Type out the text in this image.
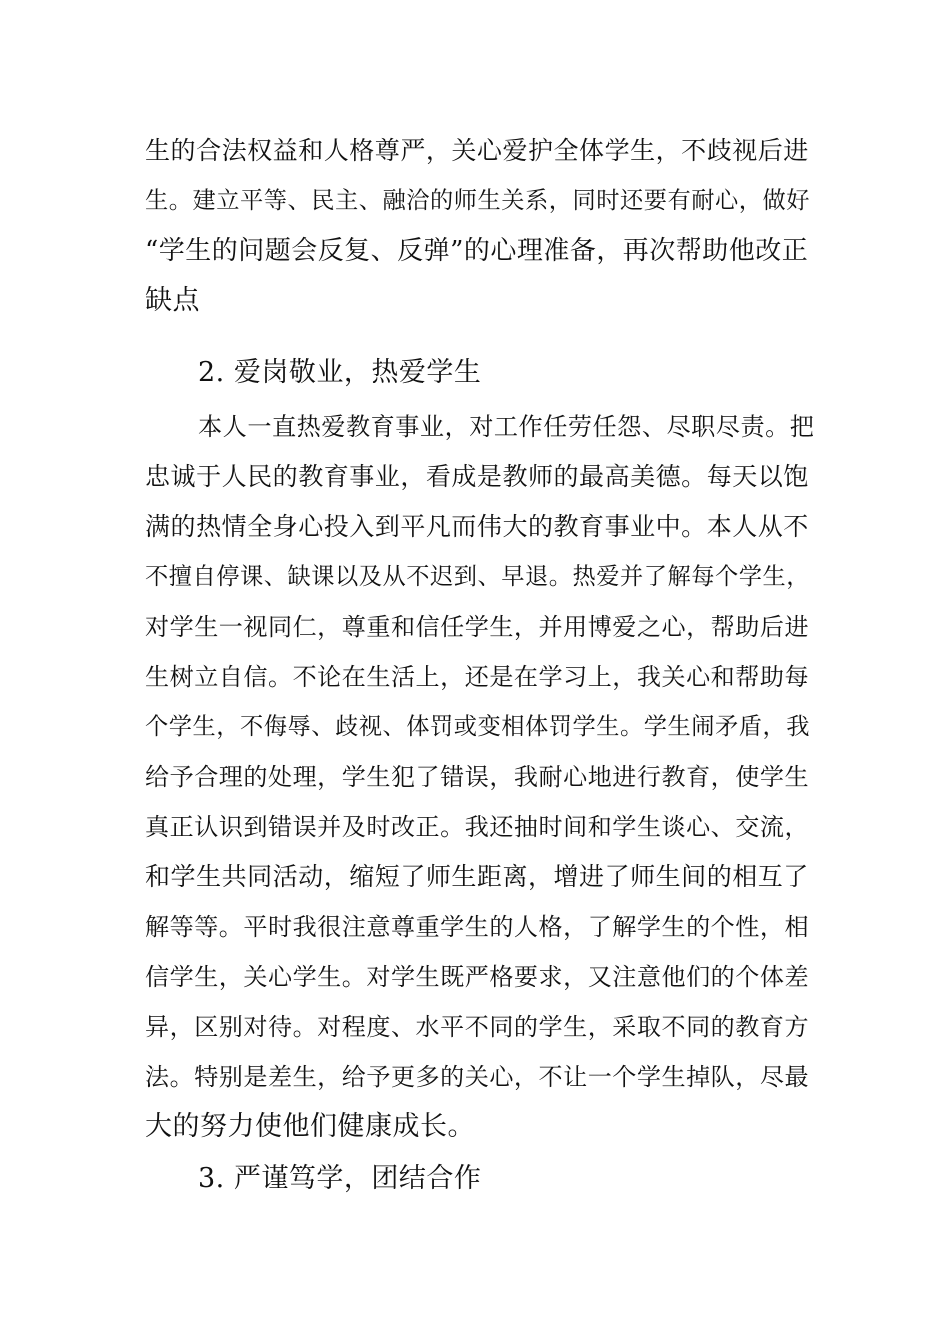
生的合法权益和人格尊严，关心爱护全体学生，不歧视后进
生。建立平等、民主、融洽的师生关系，同时还要有耐心，做好
“学生的问题会反复、反弹”的心理准备，再次帮助他改正
缺点
2. 爱岗敬业，热爱学生
本人一直热爱教育事业，对工作任劳任怨、尽职尽责。把
忠诚于人民的教育事业，看成是教师的最高美德。每天以饱
满的热情全身心投入到平凡而伟大的教育事业中。本人从不
不擅自停课、缺课以及从不迟到、早退。热爱并了解每个学生，
对学生一视同仁，尊重和信任学生，并用博爱之心，帮助后进
生树立自信。不论在生活上，还是在学习上，我关心和帮助每
个学生，不侮辱、歧视、体罚或变相体罚学生。学生闹矛盾，我
给予合理的处理，学生犯了错误，我耐心地进行教育，使学生
真正认识到错误并及时改正。我还抽时间和学生谈心、交流，
和学生共同活动，缩短了师生距离，增进了师生间的相互了
解等等。平时我很注意尊重学生的人格，了解学生的个性，相
信学生，关心学生。对学生既严格要求，又注意他们的个体差
异，区别对待。对程度、水平不同的学生，采取不同的教育方
法。特别是差生，给予更多的关心，不让一个学生掉队，尽最
大的努力使他们健康成长。
3. 严谨笃学，团结合作
